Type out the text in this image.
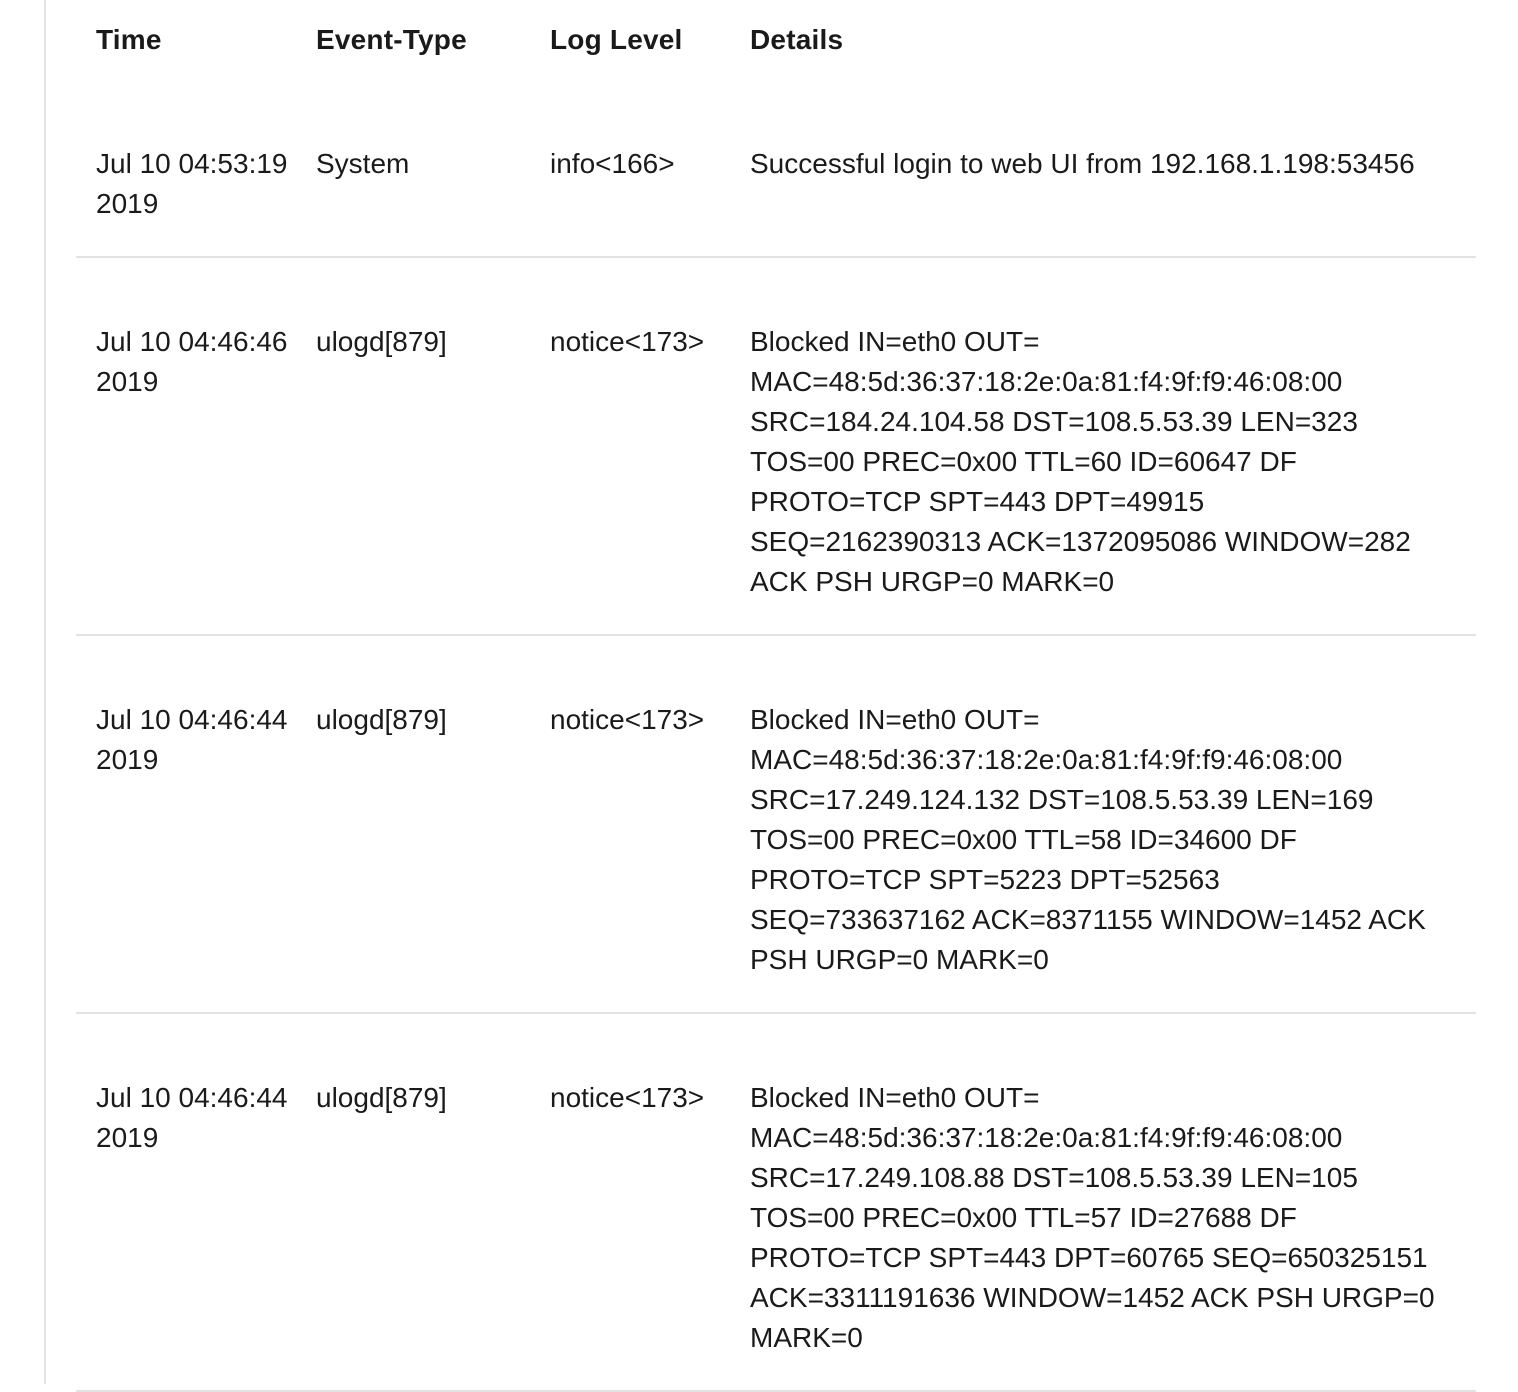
Time	Event-Type	Log Level	Details
Jul 10 04:53:19 2019	System	info<166>	Successful login to web UI from 192.168.1.198:53456
Jul 10 04:46:46 2019	ulogd[879]	notice<173>	Blocked IN=eth0 OUT= MAC=48:5d:36:37:18:2e:0a:81:f4:9f:f9:46:08:00 SRC=184.24.104.58 DST=108.5.53.39 LEN=323 TOS=00 PREC=0x00 TTL=60 ID=60647 DF PROTO=TCP SPT=443 DPT=49915 SEQ=2162390313 ACK=1372095086 WINDOW=282 ACK PSH URGP=0 MARK=0
Jul 10 04:46:44 2019	ulogd[879]	notice<173>	Blocked IN=eth0 OUT= MAC=48:5d:36:37:18:2e:0a:81:f4:9f:f9:46:08:00 SRC=17.249.124.132 DST=108.5.53.39 LEN=169 TOS=00 PREC=0x00 TTL=58 ID=34600 DF PROTO=TCP SPT=5223 DPT=52563 SEQ=733637162 ACK=8371155 WINDOW=1452 ACK PSH URGP=0 MARK=0
Jul 10 04:46:44 2019	ulogd[879]	notice<173>	Blocked IN=eth0 OUT= MAC=48:5d:36:37:18:2e:0a:81:f4:9f:f9:46:08:00 SRC=17.249.108.88 DST=108.5.53.39 LEN=105 TOS=00 PREC=0x00 TTL=57 ID=27688 DF PROTO=TCP SPT=443 DPT=60765 SEQ=650325151 ACK=3311191636 WINDOW=1452 ACK PSH URGP=0 MARK=0
